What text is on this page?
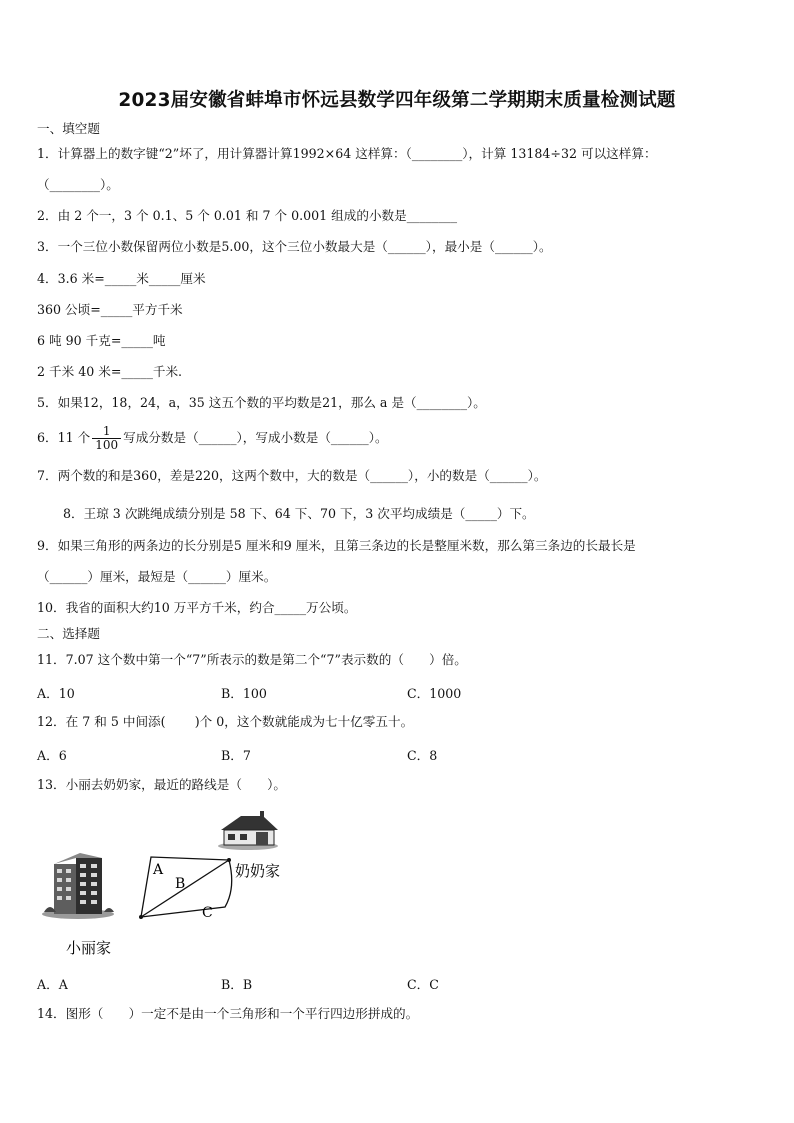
2023届安徽省蚌埠市怀远县数学四年级第二学期期末质量检测试题
一、填空题
1．计算器上的数字键“2”坏了，用计算器计算1992×64 这样算：（________），计算 13184÷32 可以这样算：
（________）。
2．由 2 个一，3 个 0.1、5 个 0.01 和 7 个 0.001 组成的小数是________
3．一个三位小数保留两位小数是5.00，这个三位小数最大是（______），最小是（______）。
4．3.6 米=_____米_____厘米
360 公顷=_____平方千米
6 吨 90 千克=_____吨
2 千米 40 米=_____千米.
5．如果12，18，24，a，35 这五个数的平均数是21，那么 a 是（________）。
6．11 个 $\frac{1}{100}$ 写成分数是（______），写成小数是（______）。
7．两个数的和是360，差是220，这两个数中，大的数是（______），小的数是（______）。
8．王琼 3 次跳绳成绩分别是 58 下、64 下、70 下，3 次平均成绩是（_____）下。
9．如果三角形的两条边的长分别是5 厘米和9 厘米，且第三条边的长是整厘米数，那么第三条边的长最长是
（______）厘米，最短是（______）厘米。
10．我省的面积大约10 万平方千米，约合_____万公顷。
二、选择题
11．7.07 这个数中第一个“7”所表示的数是第二个“7”表示数的（　　）倍。
A．10	B．100	C．1000
12．在 7 和 5 中间添(　　 )个 0，这个数就能成为七十亿零五十。
A．6	B．7	C．8
13．小丽去奶奶家，最近的路线是（　　）。
A
B
C
奶奶家
小丽家
A．A	B．B	C．C
14．图形（　　）一定不是由一个三角形和一个平行四边形拼成的。
